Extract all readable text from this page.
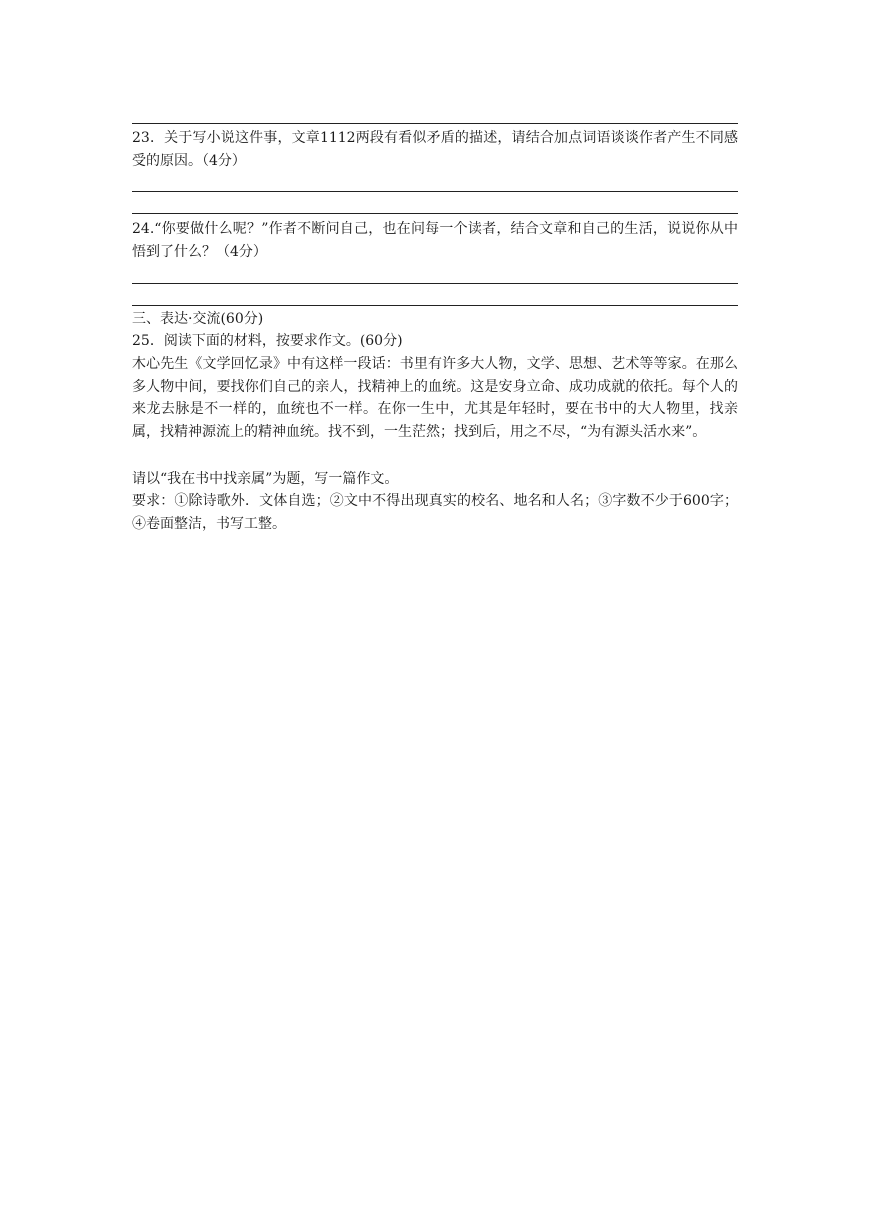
23．关于写小说这件事，文章1112两段有看似矛盾的描述，请结合加点词语谈谈作者产生不同感受的原因。（4分）
24.“你要做什么呢？”作者不断问自己，也在问每一个读者，结合文章和自己的生活，说说你从中悟到了什么？（4分）
三、表达·交流(60分)
25．阅读下面的材料，按要求作文。(60分)
木心先生《文学回忆录》中有这样一段话：书里有许多大人物，文学、思想、艺术等等家。在那么多人物中间，要找你们自己的亲人，找精神上的血统。这是安身立命、成功成就的依托。每个人的来龙去脉是不一样的，血统也不一样。在你一生中，尤其是年轻时，要在书中的大人物里，找亲属，找精神源流上的精神血统。找不到，一生茫然；找到后，用之不尽，“为有源头活水来”。
请以“我在书中找亲属”为题，写一篇作文。
要求：①除诗歌外．文体自选；②文中不得出现真实的校名、地名和人名；③字数不少于600字；④卷面整洁，书写工整。
